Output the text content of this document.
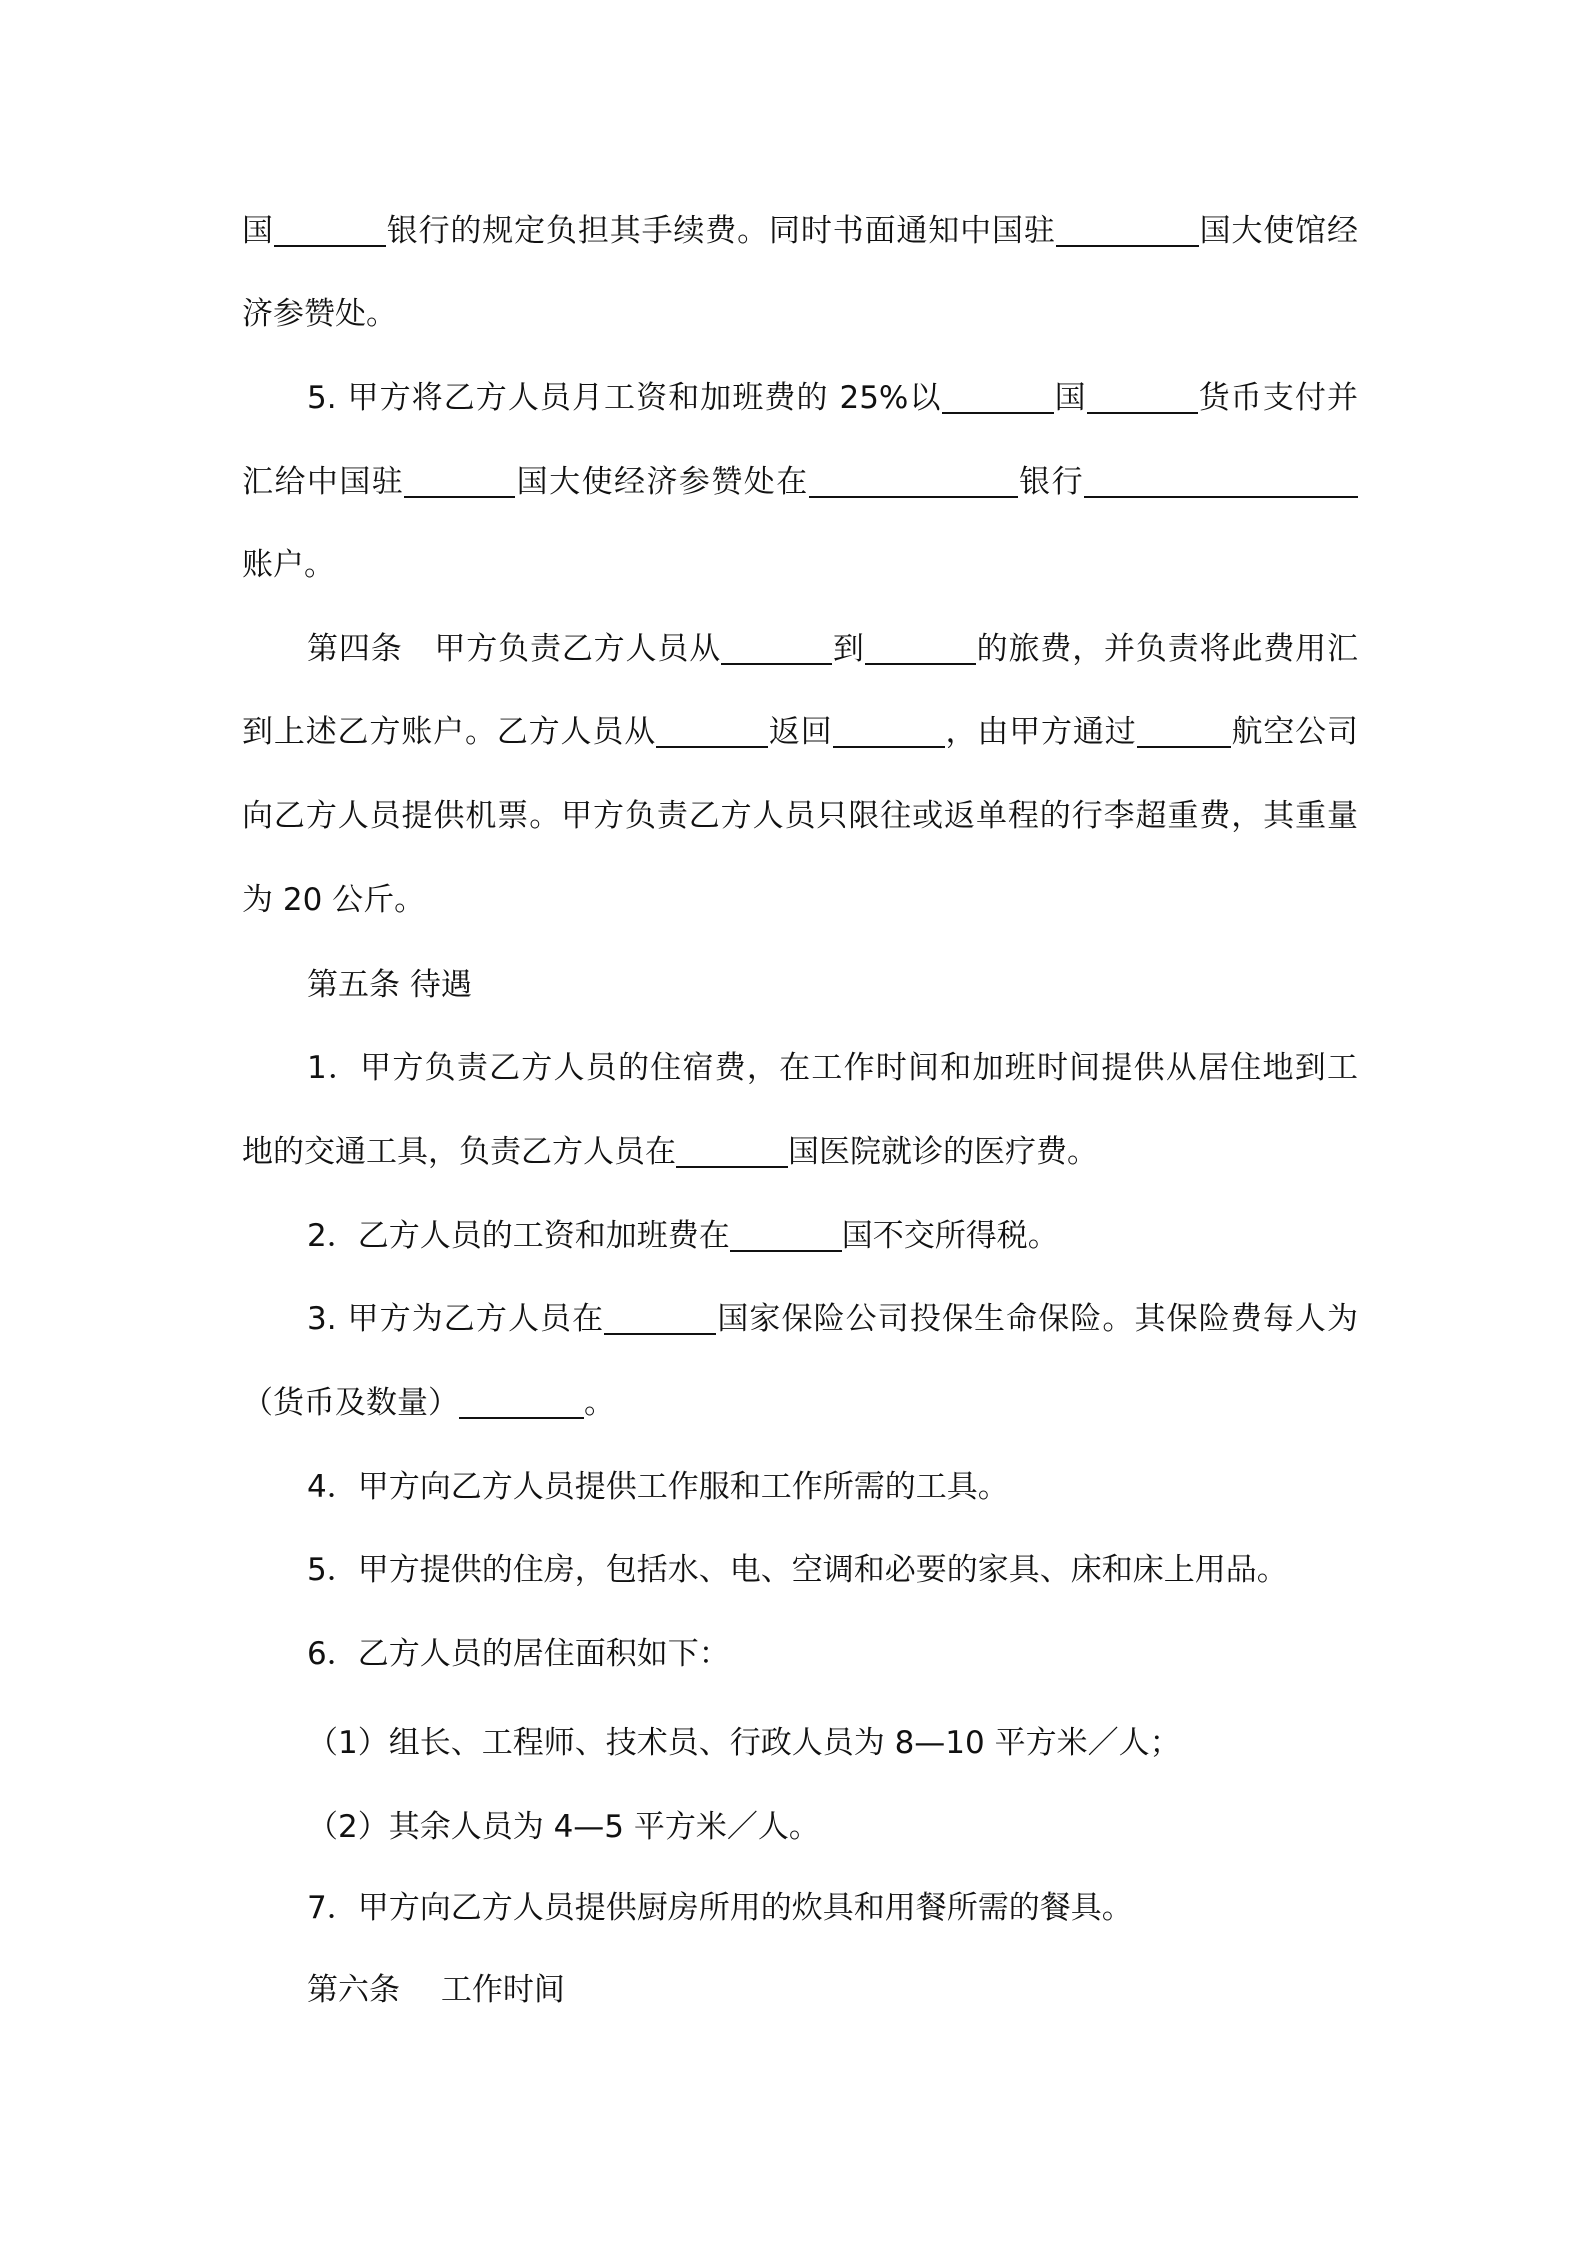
国	银行的规定负担其手续费。同时书面通知中国驻	国大使馆经
济参赞处。
5. 甲方将乙方人员月工资和加班费的 25%以	国	货币支付并
汇给中国驻	国大使经济参赞处在	银行
账户。
第四条　甲方负责乙方人员从	到	的旅费，并负责将此费用汇
到上述乙方账户。乙方人员从	返回	，由甲方通过	航空公司
向乙方人员提供机票。甲方负责乙方人员只限往或返单程的行李超重费，其重量
为 20 公斤。
第五条 待遇
1．甲方负责乙方人员的住宿费，在工作时间和加班时间提供从居住地到工
地的交通工具，负责乙方人员在	国医院就诊的医疗费。
2．乙方人员的工资和加班费在	国不交所得税。
3. 甲方为乙方人员在	国家保险公司投保生命保险。其保险费每人为
（货币及数量）	。
4．甲方向乙方人员提供工作服和工作所需的工具。
5．甲方提供的住房，包括水、电、空调和必要的家具、床和床上用品。
6．乙方人员的居住面积如下：
（1）组长、工程师、技术员、行政人员为 8—10 平方米／人；
（2）其余人员为 4—5 平方米／人。
7．甲方向乙方人员提供厨房所用的炊具和用餐所需的餐具。
第六条　 工作时间
